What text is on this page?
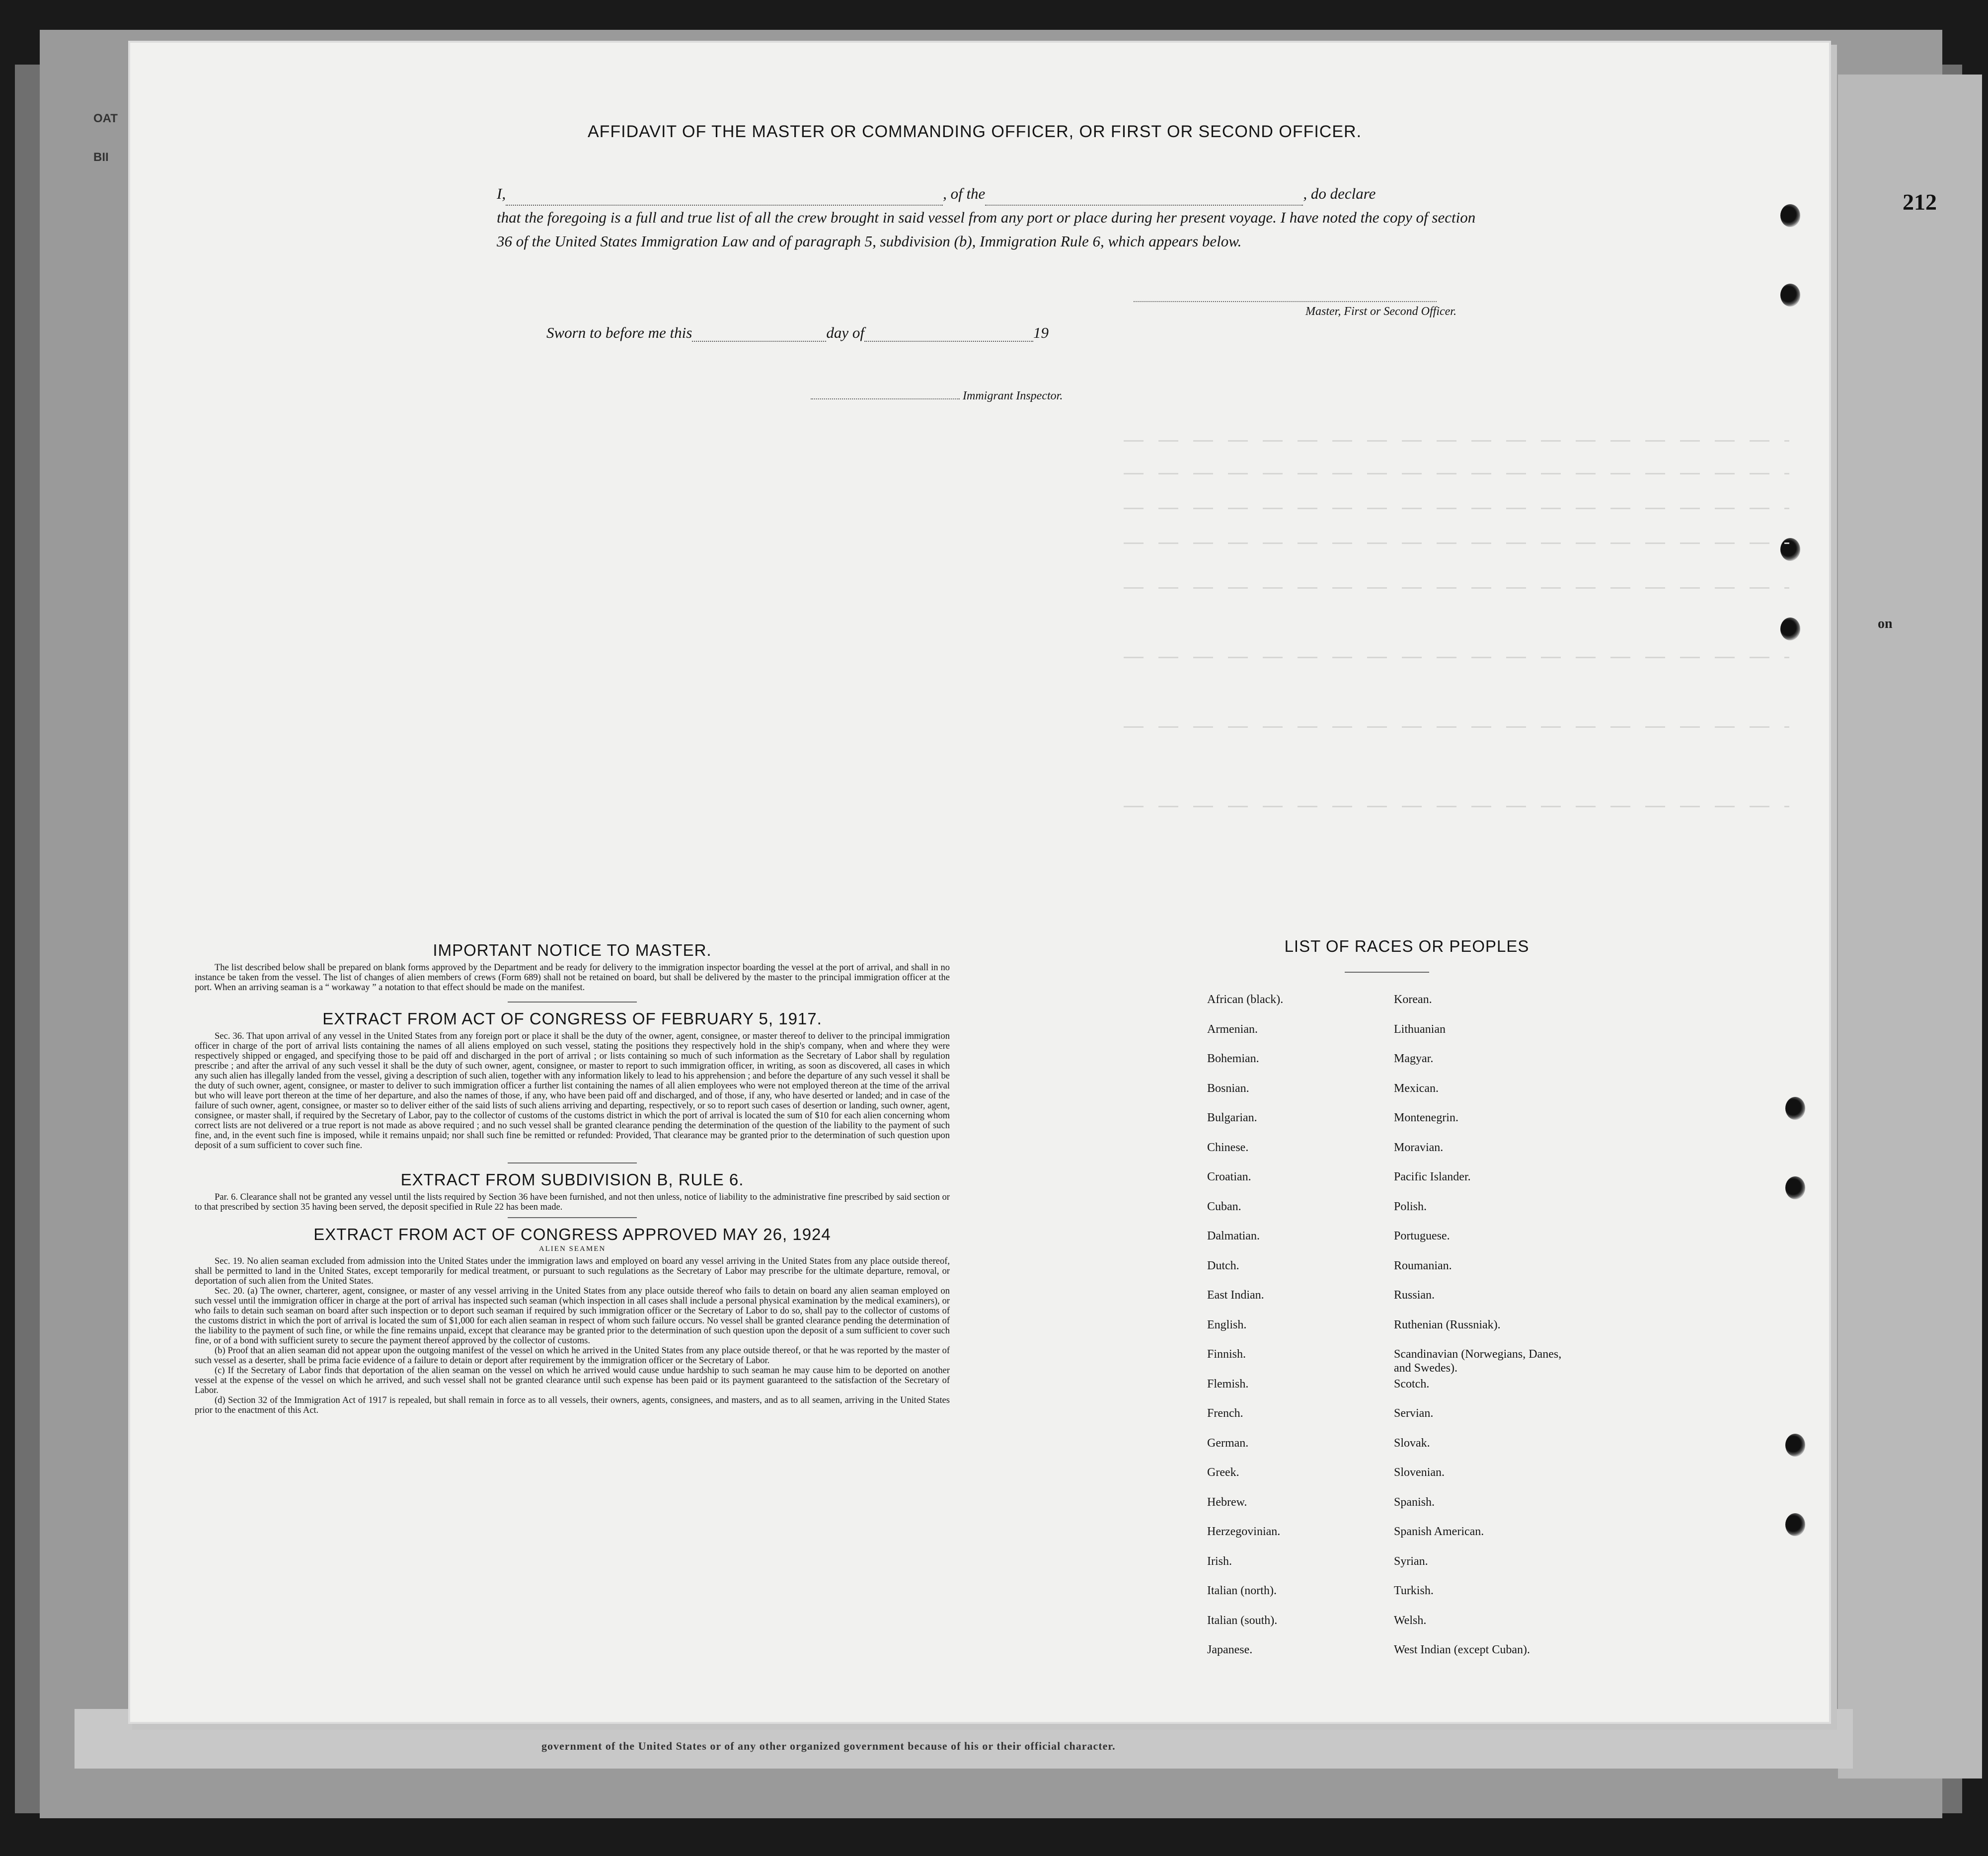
OAT
BII
212
on
government of the United States or of any other organized government because of his or their official character.
AFFIDAVIT OF THE MASTER OR COMMANDING OFFICER, OR FIRST OR SECOND OFFICER.
I,	, of the	, do declare
that the foregoing is a full and true list of all the crew brought in said vessel from any port or place during her present voyage. I have noted the copy of section 36 of the United States Immigration Law and of paragraph 5, subdivision (b), Immigration Rule 6, which appears below.
Master, First or Second Officer.
Sworn to before me this	day of	19
Immigrant Inspector.
IMPORTANT NOTICE TO MASTER.

The list described below shall be prepared on blank forms approved by the Department and be ready for delivery to the immigration inspector boarding the vessel at the port of arrival, and shall in no instance be taken from the vessel. The list of changes of alien members of crews (Form 689) shall not be retained on board, but shall be delivered by the master to the principal immigration officer at the port. When an arriving seaman is a “ workaway ” a notation to that effect should be made on the manifest.

EXTRACT FROM ACT OF CONGRESS OF FEBRUARY 5, 1917.

Sec. 36. That upon arrival of any vessel in the United States from any foreign port or place it shall be the duty of the owner, agent, consignee, or master thereof to deliver to the principal immigration officer in charge of the port of arrival lists containing the names of all aliens employed on such vessel, stating the positions they respectively hold in the ship's company, when and where they were respectively shipped or engaged, and specifying those to be paid off and discharged in the port of arrival ; or lists containing so much of such information as the Secretary of Labor shall by regulation prescribe ; and after the arrival of any such vessel it shall be the duty of such owner, agent, consignee, or master to report to such immigration officer, in writing, as soon as discovered, all cases in which any such alien has illegally landed from the vessel, giving a description of such alien, together with any information likely to lead to his apprehension ; and before the departure of any such vessel it shall be the duty of such owner, agent, consignee, or master to deliver to such immigration officer a further list containing the names of all alien employees who were not employed thereon at the time of the arrival but who will leave port thereon at the time of her departure, and also the names of those, if any, who have been paid off and discharged, and of those, if any, who have deserted or landed; and in case of the failure of such owner, agent, consignee, or master so to deliver either of the said lists of such aliens arriving and departing, respectively, or so to report such cases of desertion or landing, such owner, agent, consignee, or master shall, if required by the Secretary of Labor, pay to the collector of customs of the customs district in which the port of arrival is located the sum of $10 for each alien concerning whom correct lists are not delivered or a true report is not made as above required ; and no such vessel shall be granted clearance pending the determination of the question of the liability to the payment of such fine, and, in the event such fine is imposed, while it remains unpaid; nor shall such fine be remitted or refunded: Provided, That clearance may be granted prior to the determination of such question upon deposit of a sum sufficient to cover such fine.

EXTRACT FROM SUBDIVISION B, RULE 6.

Par. 6. Clearance shall not be granted any vessel until the lists required by Section 36 have been furnished, and not then unless, notice of liability to the administrative fine prescribed by said section or to that prescribed by section 35 having been served, the deposit specified in Rule 22 has been made.

EXTRACT FROM ACT OF CONGRESS APPROVED MAY 26, 1924
ALIEN SEAMEN

Sec. 19. No alien seaman excluded from admission into the United States under the immigration laws and employed on board any vessel arriving in the United States from any place outside thereof, shall be permitted to land in the United States, except temporarily for medical treatment, or pursuant to such regulations as the Secretary of Labor may prescribe for the ultimate departure, removal, or deportation of such alien from the United States.

Sec. 20. (a) The owner, charterer, agent, consignee, or master of any vessel arriving in the United States from any place outside thereof who fails to detain on board any alien seaman employed on such vessel until the immigration officer in charge at the port of arrival has inspected such seaman (which inspection in all cases shall include a personal physical examination by the medical examiners), or who fails to detain such seaman on board after such inspection or to deport such seaman if required by such immigration officer or the Secretary of Labor to do so, shall pay to the collector of customs of the customs district in which the port of arrival is located the sum of $1,000 for each alien seaman in respect of whom such failure occurs. No vessel shall be granted clearance pending the determination of the liability to the payment of such fine, or while the fine remains unpaid, except that clearance may be granted prior to the determination of such question upon the deposit of a sum sufficient to cover such fine, or of a bond with sufficient surety to secure the payment thereof approved by the collector of customs.

(b) Proof that an alien seaman did not appear upon the outgoing manifest of the vessel on which he arrived in the United States from any place outside thereof, or that he was reported by the master of such vessel as a deserter, shall be prima facie evidence of a failure to detain or deport after requirement by the immigration officer or the Secretary of Labor.

(c) If the Secretary of Labor finds that deportation of the alien seaman on the vessel on which he arrived would cause undue hardship to such seaman he may cause him to be deported on another vessel at the expense of the vessel on which he arrived, and such vessel shall not be granted clearance until such expense has been paid or its payment guaranteed to the satisfaction of the Secretary of Labor.

(d) Section 32 of the Immigration Act of 1917 is repealed, but shall remain in force as to all vessels, their owners, agents, consignees, and masters, and as to all seamen, arriving in the United States prior to the enactment of this Act.

LIST OF RACES OR PEOPLES
African (black).
Armenian.
Bohemian.
Bosnian.
Bulgarian.
Chinese.
Croatian.
Cuban.
Dalmatian.
Dutch.
East Indian.
English.
Finnish.
Flemish.
French.
German.
Greek.
Hebrew.
Herzegovinian.
Irish.
Italian (north).
Italian (south).
Japanese.
Korean.
Lithuanian
Magyar.
Mexican.
Montenegrin.
Moravian.
Pacific Islander.
Polish.
Portuguese.
Roumanian.
Russian.
Ruthenian (Russniak).
Scandinavian (Norwegians, Danes, and Swedes).
Scotch.
Servian.
Slovak.
Slovenian.
Spanish.
Spanish American.
Syrian.
Turkish.
Welsh.
West Indian (except Cuban).
